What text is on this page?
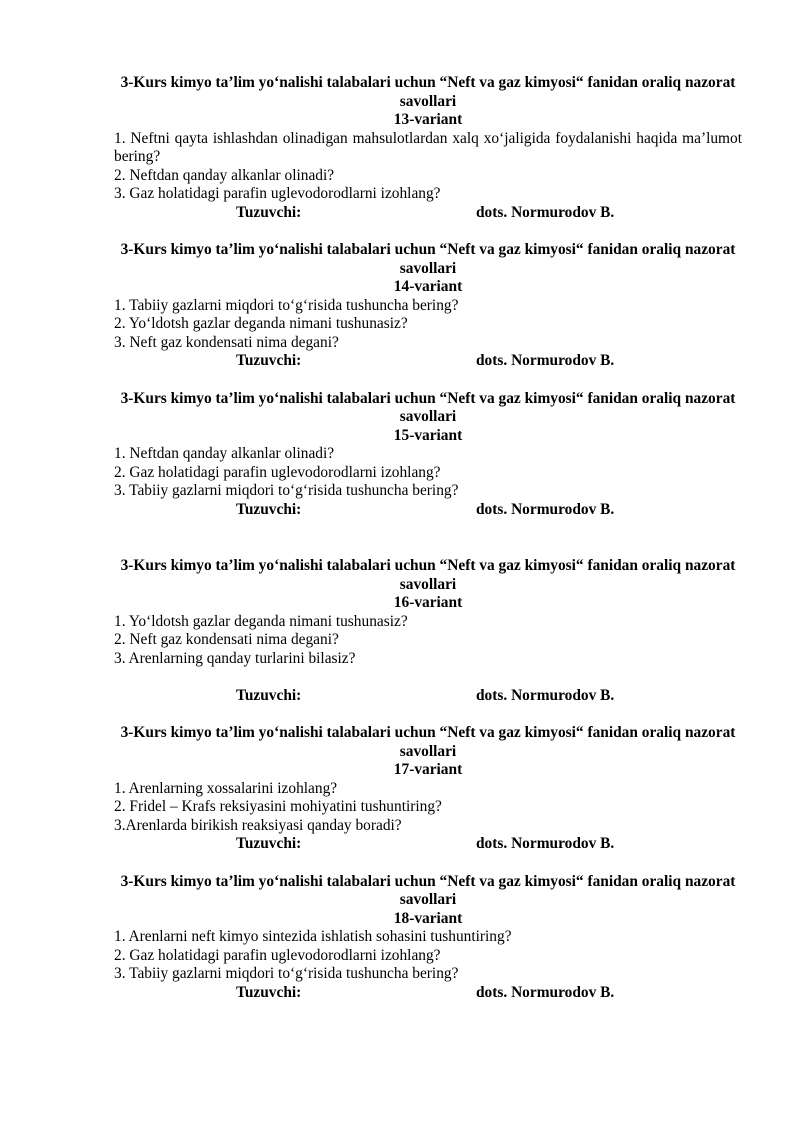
3-Kurs kimyo ta’lim yo‘nalishi talabalari uchun “Neft va gaz kimyosi“ fanidan oraliq nazorat savollari

13-variant

1. Neftni qayta ishlashdan olinadigan mahsulotlardan xalq xo‘jaligida foydalanishi haqida ma’lumot bering?

2. Neftdan qanday alkanlar olinadi?

3. Gaz holatidagi parafin uglevodorodlarni izohlang?

Tuzuvchi:	dots. Normurodov B.

3-Kurs kimyo ta’lim yo‘nalishi talabalari uchun “Neft va gaz kimyosi“ fanidan oraliq nazorat savollari

14-variant

1. Tabiiy gazlarni miqdori to‘g‘risida tushuncha bering?

2. Yo‘ldotsh gazlar deganda nimani tushunasiz?

3. Neft gaz kondensati nima degani?

Tuzuvchi:	dots. Normurodov B.

3-Kurs kimyo ta’lim yo‘nalishi talabalari uchun “Neft va gaz kimyosi“ fanidan oraliq nazorat savollari

15-variant

1. Neftdan qanday alkanlar olinadi?

2. Gaz holatidagi parafin uglevodorodlarni izohlang?

3. Tabiiy gazlarni miqdori to‘g‘risida tushuncha bering?

Tuzuvchi:	dots. Normurodov B.

3-Kurs kimyo ta’lim yo‘nalishi talabalari uchun “Neft va gaz kimyosi“ fanidan oraliq nazorat savollari

16-variant

1. Yo‘ldotsh gazlar deganda nimani tushunasiz?

2. Neft gaz kondensati nima degani?

3. Arenlarning qanday turlarini bilasiz?

Tuzuvchi:	dots. Normurodov B.

3-Kurs kimyo ta’lim yo‘nalishi talabalari uchun “Neft va gaz kimyosi“ fanidan oraliq nazorat savollari

17-variant

1. Arenlarning xossalarini izohlang?

2. Fridel – Krafs reksiyasini mohiyatini tushuntiring?

3.Arenlarda birikish reaksiyasi qanday boradi?

Tuzuvchi:	dots. Normurodov B.

3-Kurs kimyo ta’lim yo‘nalishi talabalari uchun “Neft va gaz kimyosi“ fanidan oraliq nazorat savollari

18-variant

1. Arenlarni neft kimyo sintezida ishlatish sohasini tushuntiring?

2. Gaz holatidagi parafin uglevodorodlarni izohlang?

3. Tabiiy gazlarni miqdori to‘g‘risida tushuncha bering?

Tuzuvchi:	dots. Normurodov B.
